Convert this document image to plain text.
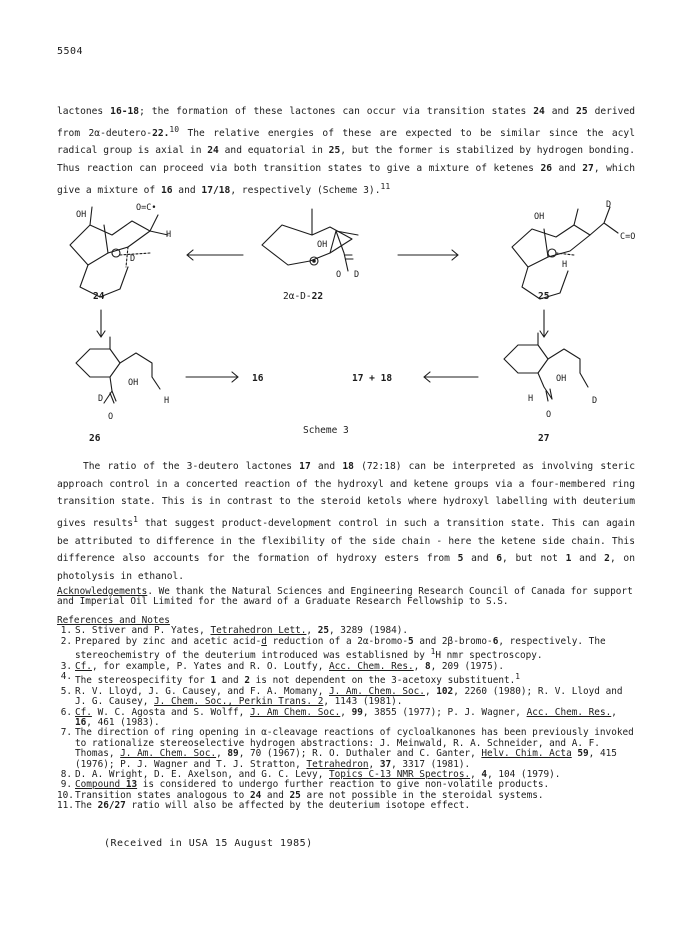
5504

lactones 16-18; the formation of these lactones can occur via transition states 24 and 25 derived from 2α-deutero-22.10 The relative energies of these are expected to be similar since the acyl radical group is axial in 24 and equatorial in 25, but the former is stabilized by hydrogen bonding. Thus reaction can proceed via both transition states to give a mixture of ketenes 26 and 27, which give a mixture of 16 and 17/18, respectively (Scheme 3).$^{11}$

OH
O=C•
H
D
OH
O D
OH
D
C=O
H
OH
D
O
H
OH
H
O
D
24	2α-D-22	25
26	27
16	17 + 18
Scheme 3

The ratio of the 3-deutero lactones 17 and 18 (72:18) can be interpreted as involving steric approach control in a concerted reaction of the hydroxyl and ketene groups via a four-membered ring transition state. This is in contrast to the steroid ketols where hydroxyl labelling with deuterium gives results$^1$ that suggest product-development control in such a transition state. This can again be attributed to difference in the flexibility of the side chain - here the ketene side chain. This difference also accounts for the formation of hydroxy esters from 5 and 6, but not 1 and 2, on photolysis in ethanol.

Acknowledgements. We thank the Natural Sciences and Engineering Research Council of Canada for support and Imperial Oil Limited for the award of a Graduate Research Fellowship to S.S.

References and Notes

1. S. Stiver and P. Yates, Tetrahedron Lett., 25, 3289 (1984).
2. Prepared by zinc and acetic acid-d reduction of a 2α-bromo-5 and 2β-bromo-6, respectively. The stereochemistry of the deuterium introduced was establisned by $^1$H nmr spectroscopy.
3. Cf., for example, P. Yates and R. O. Loutfy, Acc. Chem. Res., 8, 209 (1975).
4. The stereospecifity for 1 and 2 is not dependent on the 3-acetoxy substituent.$^1$
5. R. V. Lloyd, J. G. Causey, and F. A. Momany, J. Am. Chem. Soc., 102, 2260 (1980); R. V. Lloyd and J. G. Causey, J. Chem. Soc., Perkin Trans. 2, 1143 (1981).
6. Cf. W. C. Agosta and S. Wolff, J. Am Chem. Soc., 99, 3855 (1977); P. J. Wagner, Acc. Chem. Res., 16, 461 (1983).
7. The direction of ring opening in α-cleavage reactions of cycloalkanones has been previously invoked to rationalize stereoselective hydrogen abstractions: J. Meinwald, R. A. Schneider, and A. F. Thomas, J. Am. Chem. Soc., 89, 70 (1967); R. O. Duthaler and C. Ganter, Helv. Chim. Acta 59, 415 (1976); P. J. Wagner and T. J. Stratton, Tetrahedron, 37, 3317 (1981).
8. D. A. Wright, D. E. Axelson, and G. C. Levy, Topics C-13 NMR Spectros., 4, 104 (1979).
9. Compound 13 is considered to undergo further reaction to give non-volatile products.
10. Transition states analogous to 24 and 25 are not possible in the steroidal systems.
11. The 26/27 ratio will also be affected by the deuterium isotope effect.
(Received in USA 15 August 1985)
